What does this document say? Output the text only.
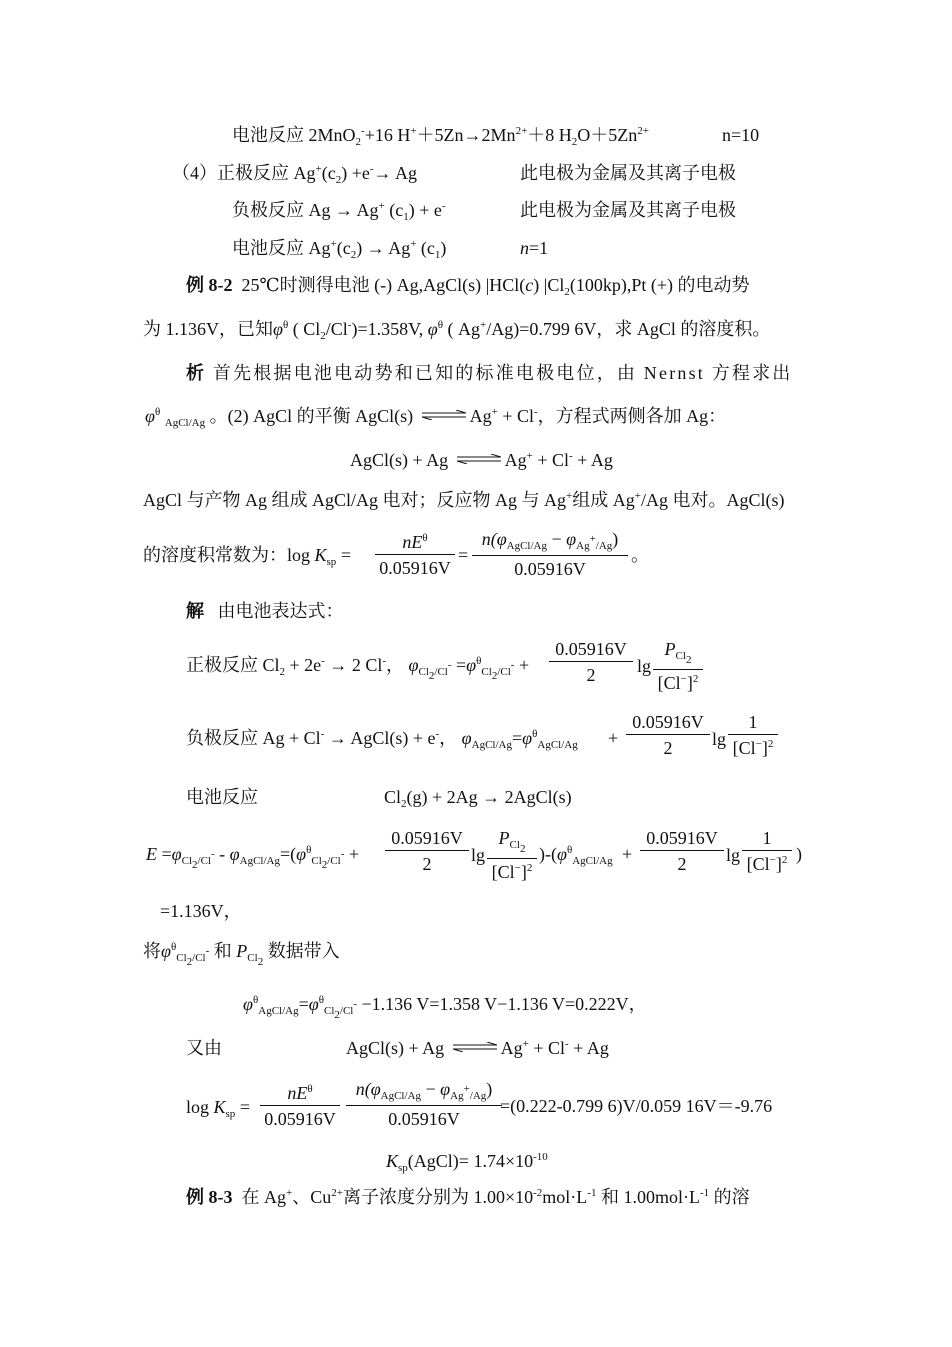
电池反应 2MnO$_2$-+16 $H^++5Zn\to 2Mn^{2+}+8$ $H_2O+5Zn^{2+}$	n=10
（4）正极反应 $Ag^+(c_2) +e^-\to Ag$	此电极为金属及其离子电极
负极反应 Ag → Ag+ $(c_1) + e^-$	此电极为金属及其离子电极
电池反应 $Ag^+(c_2) \to Ag^+$ $(c_1)$	n=1
例 8-2 25℃时测得电池 (-) Ag,AgCl(s) |HCl(c) $|Cl_2(100kp),Pt$ (+) 的电动势
为 1.136V，已知$\varphi^\theta$ ( $Cl_2/Cl^-)=1.358V$, $\varphi^\theta$ ( Ag+/Ag)=0.799 6V，求 AgCl 的溶度积。
析 首先根据电池电动势和已知的标准电极电位，由 Nernst 方程求出
$\varphi^\theta$ $_{AgCl/Ag}$ 。(2) AgCl 的平衡 AgCl(s)	Ag+ + Cl-，方程式两侧各加 Ag：
AgCl(s) + Ag	Ag+ + Cl- + Ag
AgCl 与产物 Ag 组成 AgCl/Ag 电对；反应物 Ag 与 Ag+组成 Ag+/Ag 电对。AgCl(s)
的溶度积常数为：$\log K_{sp}$ =
$nE^\theta$
0.05916V
=
$n(\varphi_{AgCl/Ag} - \varphi_{Ag^+/Ag})$
0.05916V
。
解 由电池表达式：
正极反应 $Cl_2 + 2e^- \to 2$ Cl-， $\varphi_{Cl_2/Cl^-} =\varphi^\theta_{Cl_2/Cl^-} + \frac{0.05916V}{2}$ lg
$P_{Cl_2}$
$[Cl^-]^2$
负极反应 Ag + Cl- → AgCl(s) + e-， $\varphi_{AgCl/Ag}=\varphi^\theta_{AgCl/Ag} + \frac{0.05916V}{2}$ $\lg \frac{1}{[Cl^-]^2}$
电池反应	$Cl_2(g) + 2Ag$ → 2AgCl(s)
$E =\varphi_{Cl_2/Cl^-} - \varphi_{AgCl/Ag}=(\varphi^\theta_{Cl_2/Cl^-} + \frac{0.05916V}{2}$ lg
$P_{Cl_2}$
$[Cl^-]^2$
)$-(\varphi^\theta_{AgCl/Ag} + \frac{0.05916V}{2}$ $\lg \frac{1}{[Cl^-]^2}$ )
=1.136V，
将$\varphi^\theta_{Cl_2/Cl^-}$ 和 $P_{Cl_2}$ 数据带入
$\varphi^\theta_{AgCl/Ag}=\varphi^\theta_{Cl_2/Cl^-} -1.136$ V=1.358 V−1.136 V=0.222V，
又由	AgCl(s) + Ag	Ag+ + Cl- + Ag
$\log K_{sp}$ =
$nE^\theta$
0.05916V
$n(\varphi_{AgCl/Ag} - \varphi_{Ag^+/Ag})$
0.05916V
=(0.222-0.799 6)V/0.059 16V＝-9.76
$K_{sp}(AgCl)= 1.74\times 10^{-10}$
例 8-3 在 Ag+、$Cu^{2+}$离子浓度分别为 $1.00\times 10^{-2}mol\cdot L^{-1}$ 和 $1.00mol\cdot L^{-1}$ 的溶
